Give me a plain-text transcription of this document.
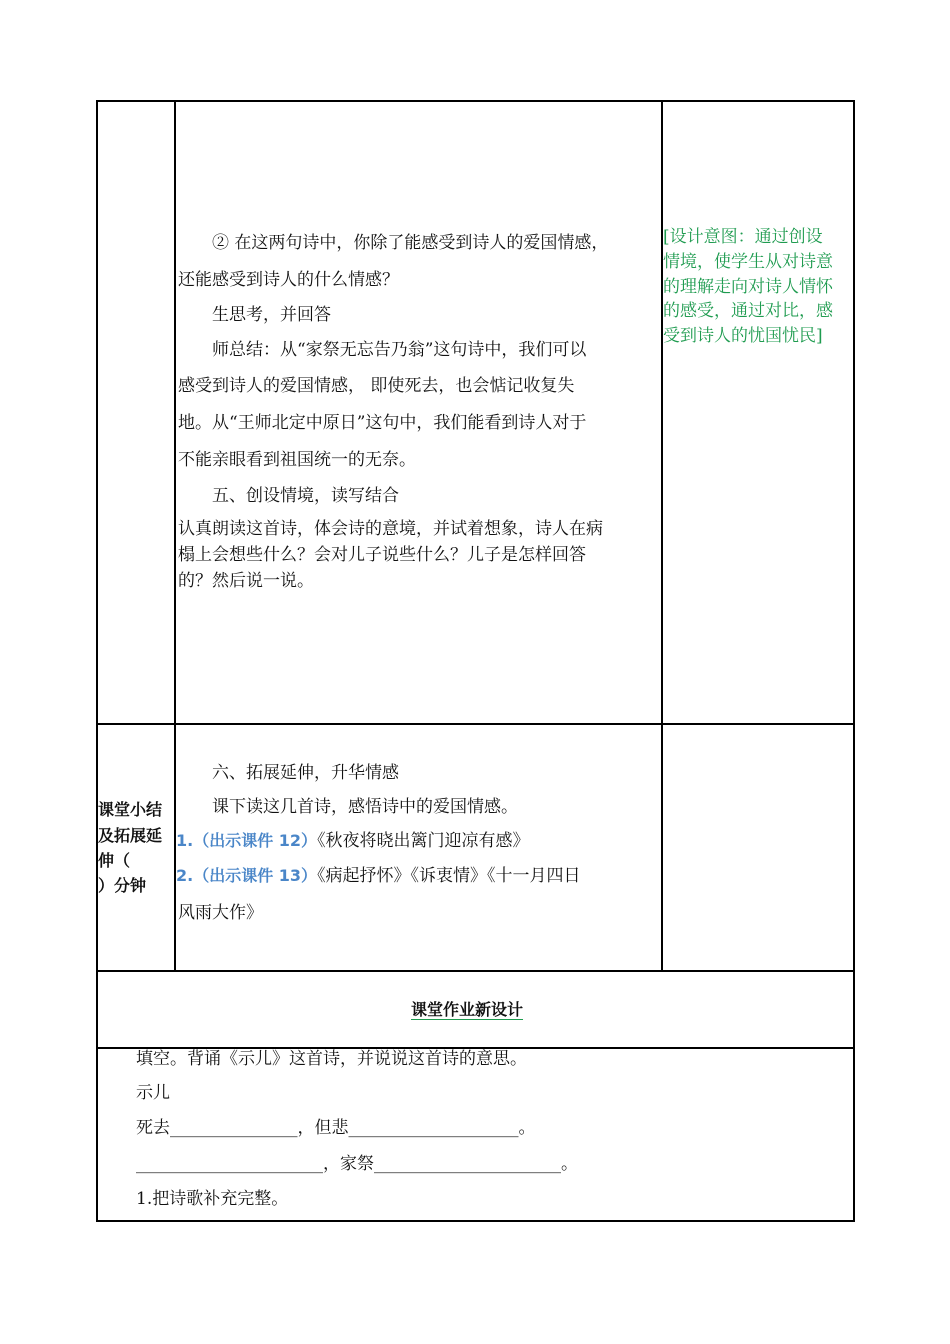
② 在这两句诗中，你除了能感受到诗人的爱国情感，
还能感受到诗人的什么情感？
生思考，并回答
师总结：从“家祭无忘告乃翁”这句诗中，我们可以
感受到诗人的爱国情感， 即使死去，也会惦记收复失
地。从“王师北定中原日”这句中，我们能看到诗人对于
不能亲眼看到祖国统一的无奈。
五、创设情境，读写结合
认真朗读这首诗，体会诗的意境，并试着想象，诗人在病
榻上会想些什么？会对儿子说些什么？儿子是怎样回答
的？然后说一说。
[设计意图：通过创设
情境，使学生从对诗意
的理解走向对诗人情怀
的感受，通过对比，感
受到诗人的忧国忧民]
课堂小结
及拓展延
伸（
）分钟
六、拓展延伸，升华情感
课下读这几首诗，感悟诗中的爱国情感。
1.（出示课件 12）《秋夜将晓出篱门迎凉有感》
2.（出示课件 13）《病起抒怀》《诉衷情》《十一月四日
风雨大作》
课堂作业新设计
填空。背诵《示儿》这首诗，并说说这首诗的意思。
示儿
死去_______________，但悲____________________。
______________________，家祭______________________。
1.把诗歌补充完整。
